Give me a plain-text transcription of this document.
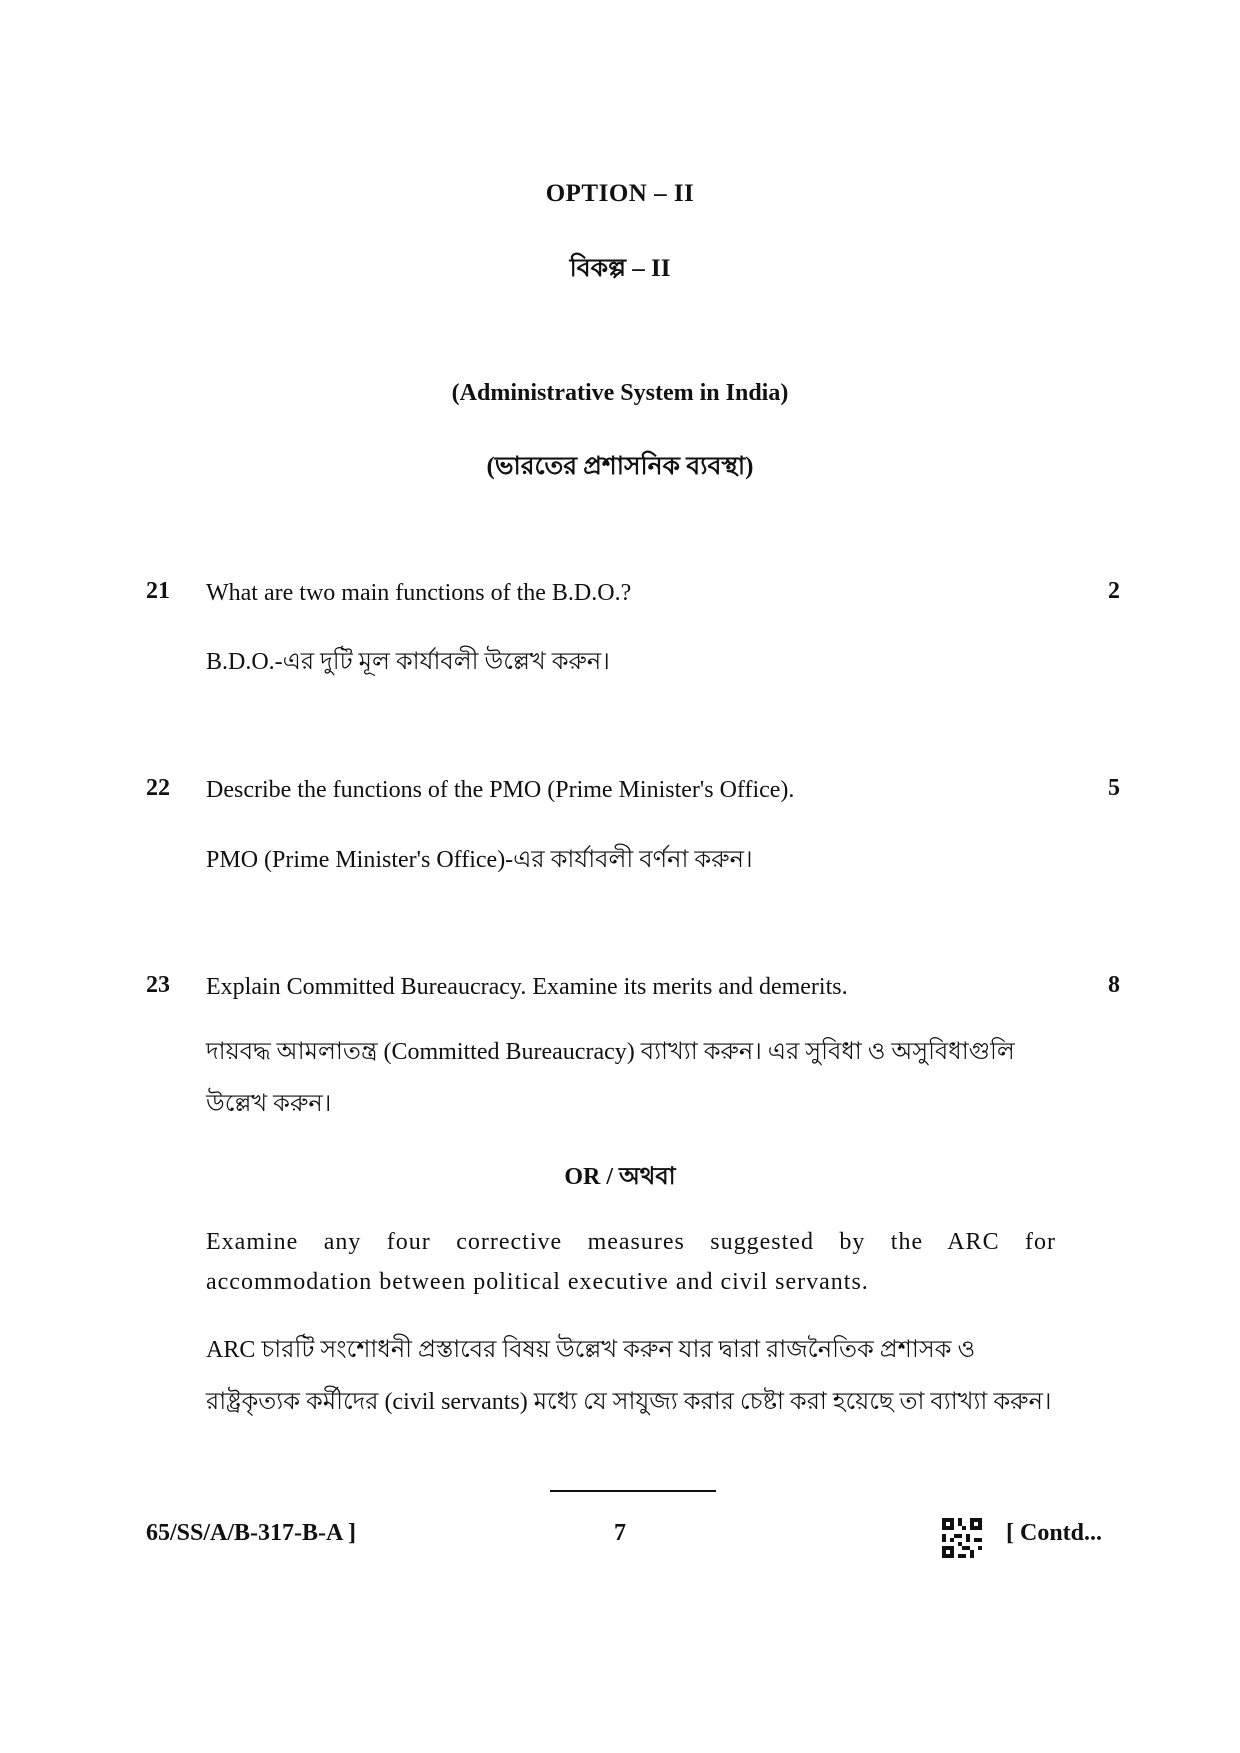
OPTION – II
বিকল্প – II
(Administrative System in India)
(ভারতের প্রশাসনিক ব্যবস্থা)
21 What are two main functions of the B.D.O.?	2
B.D.O.-এর দুটি মূল কার্যাবলী উল্লেখ করুন।
22 Describe the functions of the PMO (Prime Minister's Office).	5
PMO (Prime Minister's Office)-এর কার্যাবলী বর্ণনা করুন।
23 Explain Committed Bureaucracy. Examine its merits and demerits.	8
দায়বদ্ধ আমলাতন্ত্র (Committed Bureaucracy) ব্যাখ্যা করুন। এর সুবিধা ও অসুবিধাগুলি উল্লেখ করুন।
OR / অথবা
Examine any four corrective measures suggested by the ARC for accommodation between political executive and civil servants.
ARC চারটি সংশোধনী প্রস্তাবের বিষয় উল্লেখ করুন যার দ্বারা রাজনৈতিক প্রশাসক ও রাষ্ট্রকৃত্যক কর্মীদের (civil servants) মধ্যে যে সাযুজ্য করার চেষ্টা করা হয়েছে তা ব্যাখ্যা করুন।
65/SS/A/B-317-B-A ]	7	[ Contd...
